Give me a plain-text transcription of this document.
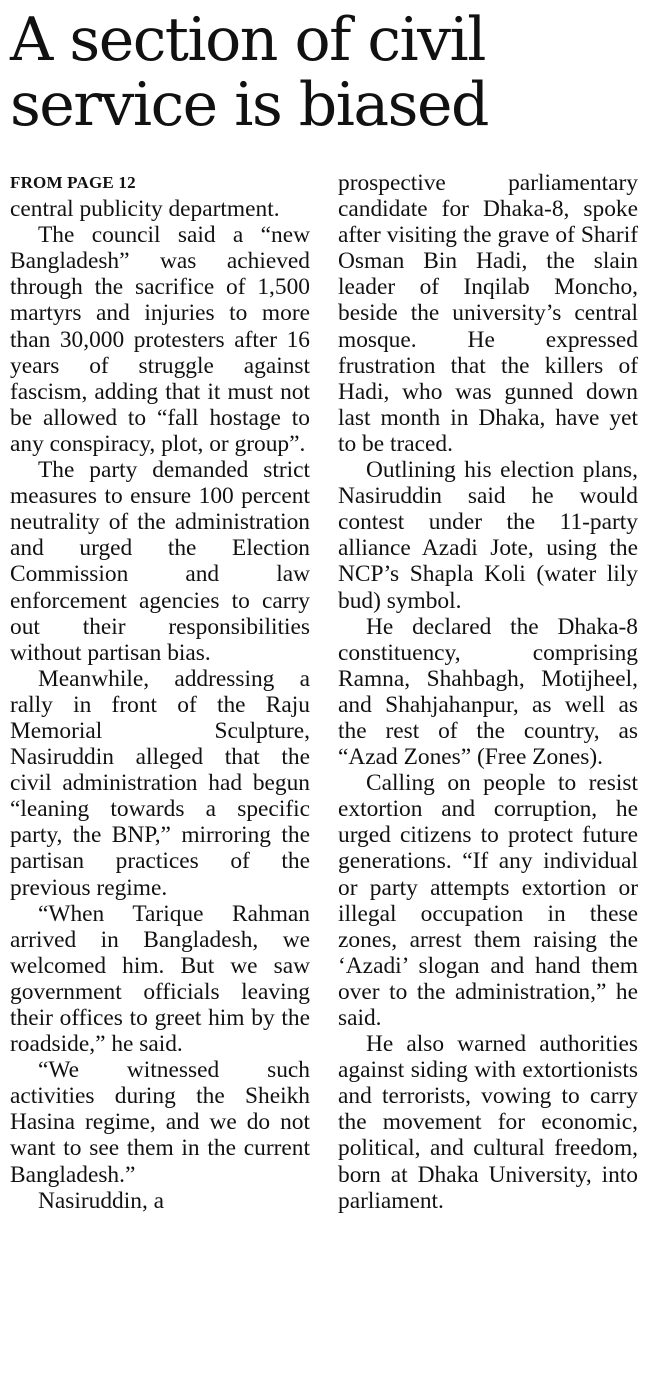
A section of civil
service is biased
FROM PAGE 12

central publicity department.

The council said a “new Bangladesh” was achieved through the sacrifice of 1,500 martyrs and injuries to more than 30,000 protesters after 16 years of struggle against fascism, adding that it must not be allowed to “fall hostage to any conspiracy, plot, or group”.

The party demanded strict measures to ensure 100 percent neutrality of the administration and urged the Election Commission and law enforcement agencies to carry out their responsibilities without partisan bias.

Meanwhile, addressing a rally in front of the Raju Memorial Sculpture, Nasiruddin alleged that the civil administration had begun “leaning towards a specific party, the BNP,” mirroring the partisan practices of the previous regime.

“When Tarique Rahman arrived in Bangladesh, we welcomed him. But we saw government officials leaving their offices to greet him by the roadside,” he said.

“We witnessed such activities during the Sheikh Hasina regime, and we do not want to see them in the current Bangladesh.”

Nasiruddin, a

prospective parliamentary candidate for Dhaka-8, spoke after visiting the grave of Sharif Osman Bin Hadi, the slain leader of Inqilab Moncho, beside the university’s central mosque. He expressed frustration that the killers of Hadi, who was gunned down last month in Dhaka, have yet to be traced.

Outlining his election plans, Nasiruddin said he would contest under the 11-party alliance Azadi Jote, using the NCP’s Shapla Koli (water lily bud) symbol.

He declared the Dhaka-8 constituency, comprising Ramna, Shahbagh, Motijheel, and Shahjahanpur, as well as the rest of the country, as “Azad Zones” (Free Zones).

Calling on people to resist extortion and corruption, he urged citizens to protect future generations. “If any individual or party attempts extortion or illegal occupation in these zones, arrest them raising the ‘Azadi’ slogan and hand them over to the administration,” he said.

He also warned authorities against siding with extortionists and terrorists, vowing to carry the movement for economic, political, and cultural freedom, born at Dhaka University, into parliament.
